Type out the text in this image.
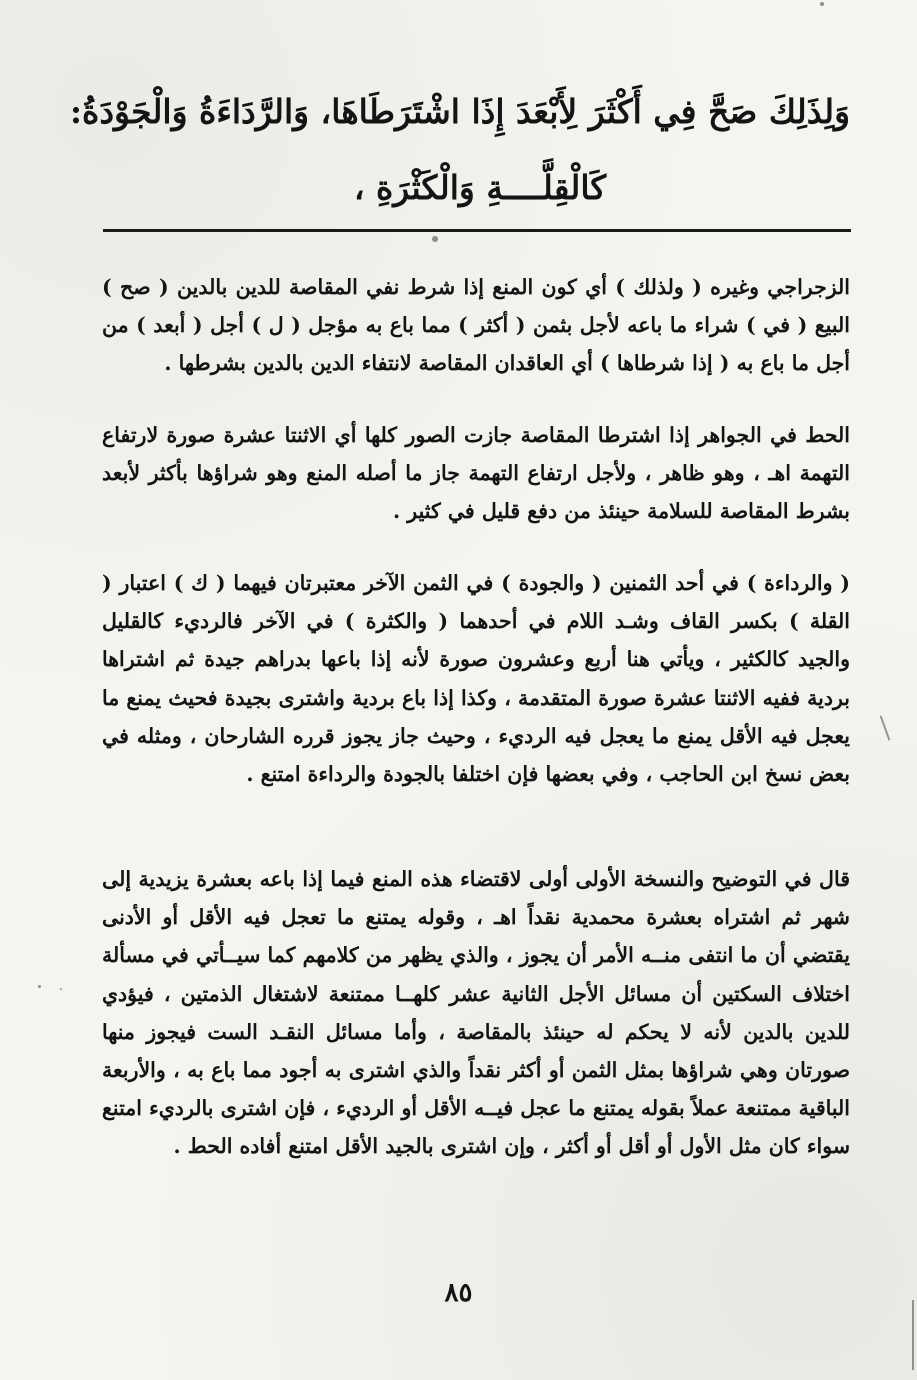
وَلِذَلِكَ صَحَّ فِي أَكْثَرَ لِأَبْعَدَ إِذَا اشْتَرَطَاهَا، وَالرَّدَاءَةُ وَالْجَوْدَةُ:
كَالْقِلَّــــةِ وَالْكَثْرَةِ ،

الزجراجي وغيره ( ولذلك ) أي كون المنع إذا شرط نفي المقاصة للدين بالدين ( صح ) البيع ( في ) شراء ما باعه لأجل بثمن ( أكثر ) مما باع به مؤجل ( ل ) أجل ( أبعد ) من أجل ما باع به ( إذا شرطاها ) أي العاقدان المقاصة لانتفاء الدين بالدين بشرطها .

الحط في الجواهر إذا اشترطا المقاصة جازت الصور كلها أي الاثنتا عشرة صورة لارتفاع التهمة اهـ ، وهو ظاهر ، ولأجل ارتفاع التهمة جاز ما أصله المنع وهو شراؤها بأكثر لأبعد بشرط المقاصة للسلامة حينئذ من دفع قليل في كثير .

( والرداءة ) في أحد الثمنين ( والجودة ) في الثمن الآخر معتبرتان فيهما ( ك ) اعتبار ( القلة ) بكسر القاف وشـد اللام في أحدهما ( والكثرة ) في الآخر فالرديء كالقليل والجيد كالكثير ، ويأتي هنا أربع وعشرون صورة لأنه إذا باعها بدراهم جيدة ثم اشتراها بردية ففيه الاثنتا عشرة صورة المتقدمة ، وكذا إذا باع بردية واشترى بجيدة فحيث يمنع ما يعجل فيه الأقل يمنع ما يعجل فيه الرديء ، وحيث جاز يجوز قرره الشارحان ، ومثله في بعض نسخ ابن الحاجب ، وفي بعضها فإن اختلفا بالجودة والرداءة امتنع .

قال في التوضيح والنسخة الأولى أولى لاقتضاء هذه المنع فيما إذا باعه بعشرة يزيدية إلى شهر ثم اشتراه بعشرة محمدية نقداً اهـ ، وقوله يمتنع ما تعجل فيه الأقل أو الأدنى يقتضي أن ما انتفى منــه الأمر أن يجوز ، والذي يظهر من كلامهم كما سيــأتي في مسألة اختلاف السكتين أن مسائل الأجل الثانية عشر كلهــا ممتنعة لاشتغال الذمتين ، فيؤدي للدين بالدين لأنه لا يحكم له حينئذ بالمقاصة ، وأما مسائل النقـد الست فيجوز منها صورتان وهي شراؤها بمثل الثمن أو أكثر نقداً والذي اشترى به أجود مما باع به ، والأربعة الباقية ممتنعة عملاً بقوله يمتنع ما عجل فيــه الأقل أو الرديء ، فإن اشترى بالرديء امتنع سواء كان مثل الأول أو أقل أو أكثر ، وإن اشترى بالجيد الأقل امتنع أفاده الحط .

٨٥
